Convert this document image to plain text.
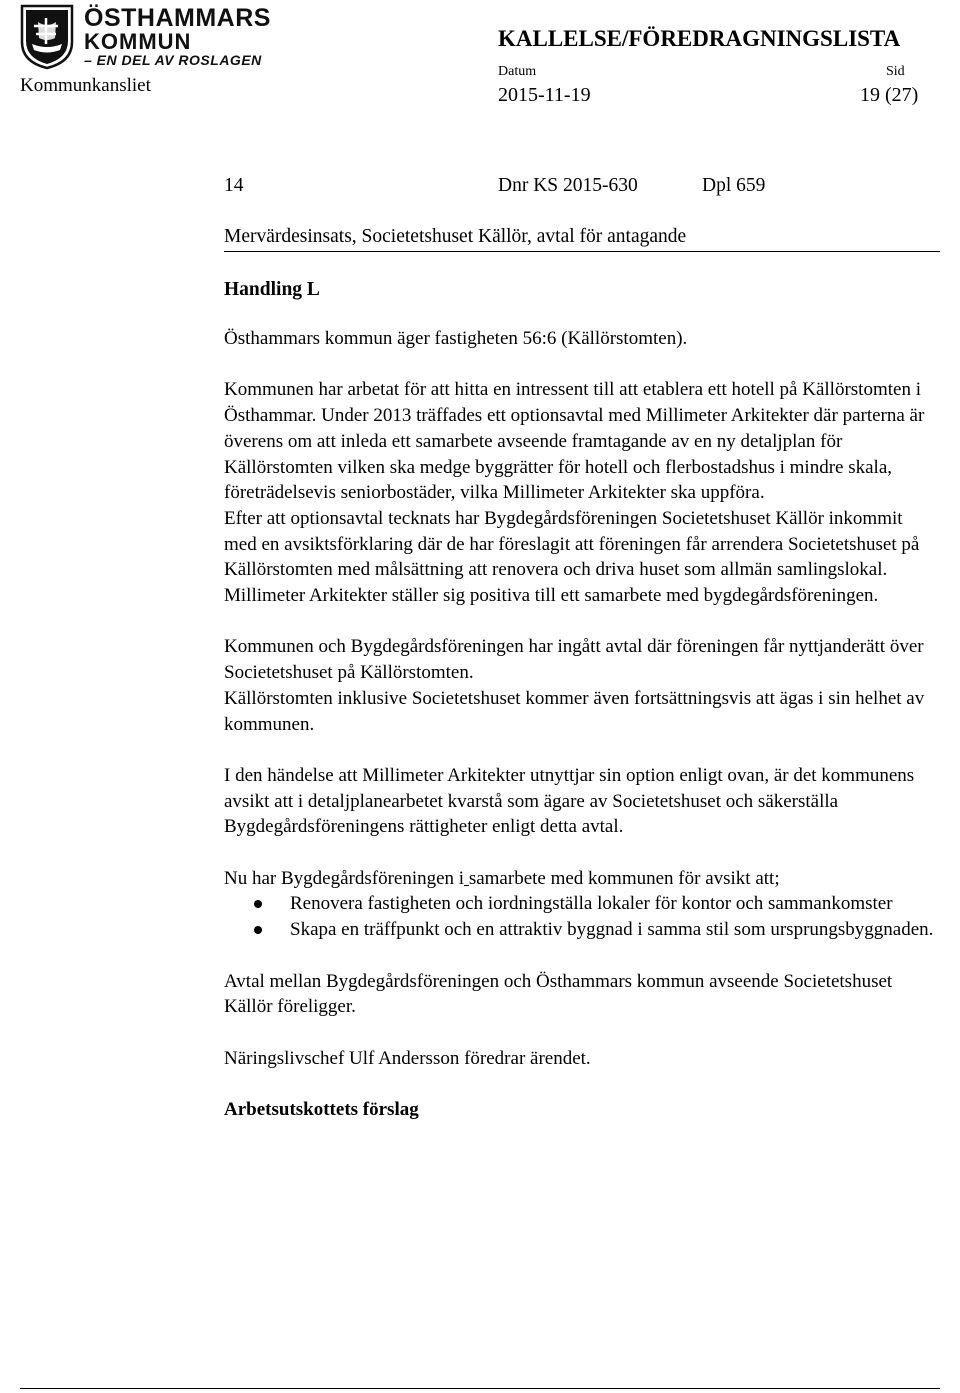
ÖSTHAMMARS
KOMMUN
– EN DEL AV ROSLAGEN
Kommunkansliet
KALLELSE/FÖREDRAGNINGSLISTA
Datum	Sid
2015-11-19	19 (27)
14	Dnr KS 2015-630	Dpl 659
Mervärdesinsats, Societetshuset Källör, avtal för antagande
Handling L

Östhammars kommun äger fastigheten 56:6 (Källörstomten).

Kommunen har arbetat för att hitta en intressent till att etablera ett hotell på Källörstomten i Östhammar. Under 2013 träffades ett optionsavtal med Millimeter Arkitekter där parterna är överens om att inleda ett samarbete avseende framtagande av en ny detaljplan för Källörstomten vilken ska medge byggrätter för hotell och flerbostadshus i mindre skala, företrädelsevis seniorbostäder, vilka Millimeter Arkitekter ska uppföra.

Efter att optionsavtal tecknats har Bygdegårdsföreningen Societetshuset Källör inkommit med en avsiktsförklaring där de har föreslagit att föreningen får arrendera Societetshuset på Källörstomten med målsättning att renovera och driva huset som allmän samlingslokal. Millimeter Arkitekter ställer sig positiva till ett samarbete med bygdegårdsföreningen.

Kommunen och Bygdegårdsföreningen har ingått avtal där föreningen får nyttjanderätt över Societetshuset på Källörstomten.

Källörstomten inklusive Societetshuset kommer även fortsättningsvis att ägas i sin helhet av kommunen.

I den händelse att Millimeter Arkitekter utnyttjar sin option enligt ovan, är det kommunens avsikt att i detaljplanearbetet kvarstå som ägare av Societetshuset och säkerställa Bygdegårdsföreningens rättigheter enligt detta avtal.

Nu har Bygdegårdsföreningen i samarbete med kommunen för avsikt att;

Renovera fastigheten och iordningställa lokaler för kontor och sammankomster
Skapa en träffpunkt och en attraktiv byggnad i samma stil som ursprungsbyggnaden.

Avtal mellan Bygdegårdsföreningen och Östhammars kommun avseende Societetshuset Källör föreligger.

Näringslivschef Ulf Andersson föredrar ärendet.

Arbetsutskottets förslag
